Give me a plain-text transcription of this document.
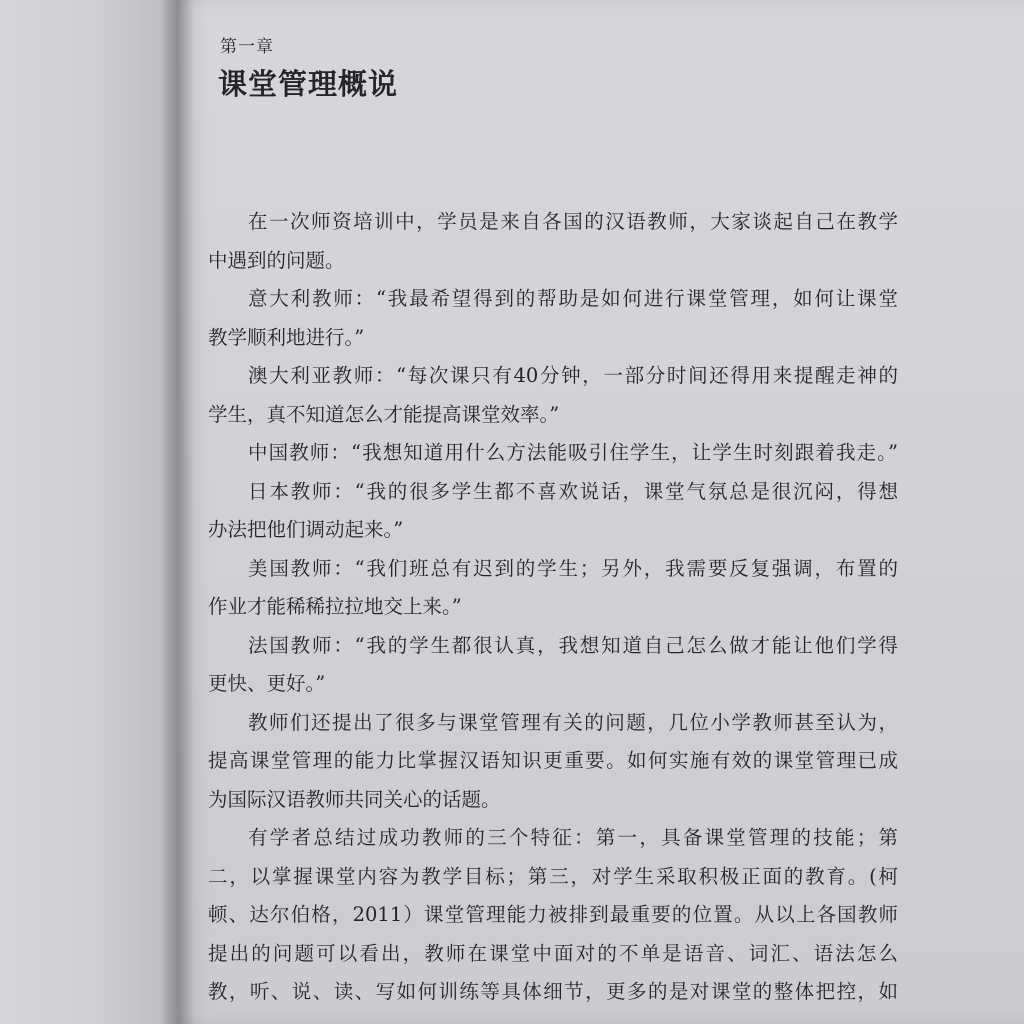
第一章
课堂管理概说
在一次师资培训中，学员是来自各国的汉语教师，大家谈起自己在教学
中遇到的问题。
意大利教师：“我最希望得到的帮助是如何进行课堂管理，如何让课堂
教学顺利地进行。”
澳大利亚教师：“每次课只有40分钟，一部分时间还得用来提醒走神的
学生，真不知道怎么才能提高课堂效率。”
中国教师：“我想知道用什么方法能吸引住学生，让学生时刻跟着我走。”
日本教师：“我的很多学生都不喜欢说话，课堂气氛总是很沉闷，得想
办法把他们调动起来。”
美国教师：“我们班总有迟到的学生；另外，我需要反复强调，布置的
作业才能稀稀拉拉地交上来。”
法国教师：“我的学生都很认真，我想知道自己怎么做才能让他们学得
更快、更好。”
教师们还提出了很多与课堂管理有关的问题，几位小学教师甚至认为，
提高课堂管理的能力比掌握汉语知识更重要。如何实施有效的课堂管理已成
为国际汉语教师共同关心的话题。
有学者总结过成功教师的三个特征：第一，具备课堂管理的技能；第
二，以掌握课堂内容为教学目标；第三，对学生采取积极正面的教育。(柯
顿、达尔伯格，2011）课堂管理能力被排到最重要的位置。从以上各国教师
提出的问题可以看出，教师在课堂中面对的不单是语音、词汇、语法怎么
教，听、说、读、写如何训练等具体细节，更多的是对课堂的整体把控，如
